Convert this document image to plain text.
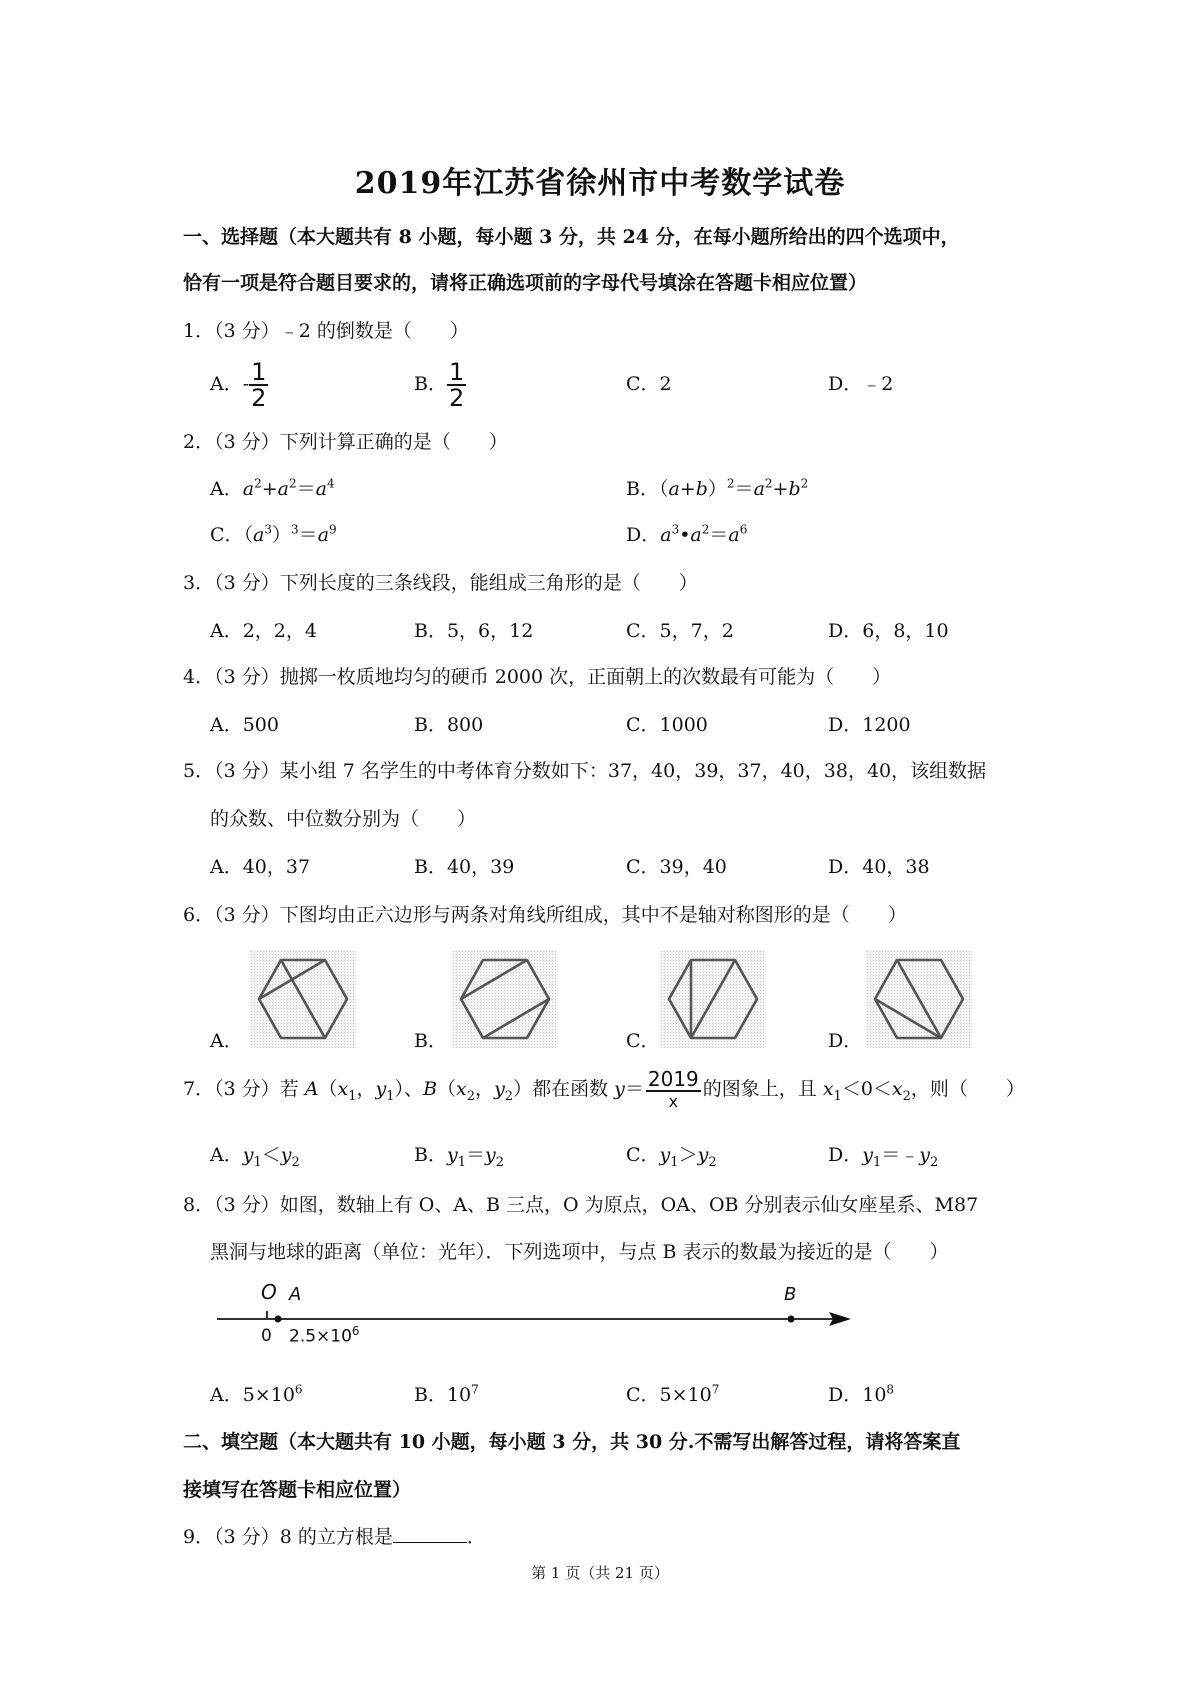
2019年江苏省徐州市中考数学试卷
一、选择题（本大题共有 8 小题，每小题 3 分，共 24 分，在每小题所给出的四个选项中，
恰有一项是符合题目要求的，请将正确选项前的字母代号填涂在答题卡相应位置）
1．（3 分）﹣2 的倒数是（　　）
A．- $\frac{1}{2}$	B． $\frac{1}{2}$	C．2	D．﹣2
2．（3 分）下列计算正确的是（　　）
A．$a^2+a^2=a^4$	B．$(a+b)^2=a^2+b^2$
C．$(a^3)^3=a^9$	D．$a^3•a^2=a^6$
3．（3 分）下列长度的三条线段，能组成三角形的是（　　）
A．2，2，4	B．5，6，12	C．5，7，2	D．6，8，10
4．（3 分）抛掷一枚质地均匀的硬币 2000 次，正面朝上的次数最有可能为（　　）
A．500	B．800	C．1000	D．1200
5．（3 分）某小组 7 名学生的中考体育分数如下：37，40，39，37，40，38，40，该组数据
的众数、中位数分别为（　　）
A．40，37	B．40，39	C．39，40	D．40，38
6．（3 分）下图均由正六边形与两条对角线所组成，其中不是轴对称图形的是（　　）
A．	B．	C．	D．
7．（3 分）若 $A(x_1$，$y_1$）、$B(x_2$，$y_2$）都在函数 y＝ 2019
x
的图象上，且 $x_1<0<x_2$，则（　　）
A．$y_1<y_2$	B．$y_1=y_2$	C．$y_1>y_2$	D．$y_1=﹣y_2$
8．（3 分）如图，数轴上有 O、A、B 三点，O 为原点，OA、OB 分别表示仙女座星系、M87
黑洞与地球的距离（单位：光年）．下列选项中，与点 B 表示的数最为接近的是（　　）
O A	B
0 $2.5\times 10^6$
A．$5\times 10^6$	B．$10^7$	C．$5\times 10^7$	D．$10^8$
二、填空题（本大题共有 10 小题，每小题 3 分，共 30 分.不需写出解答过程，请将答案直
接填写在答题卡相应位置）
9．（3 分）8 的立方根是	．
第 1 页（共 21 页）
